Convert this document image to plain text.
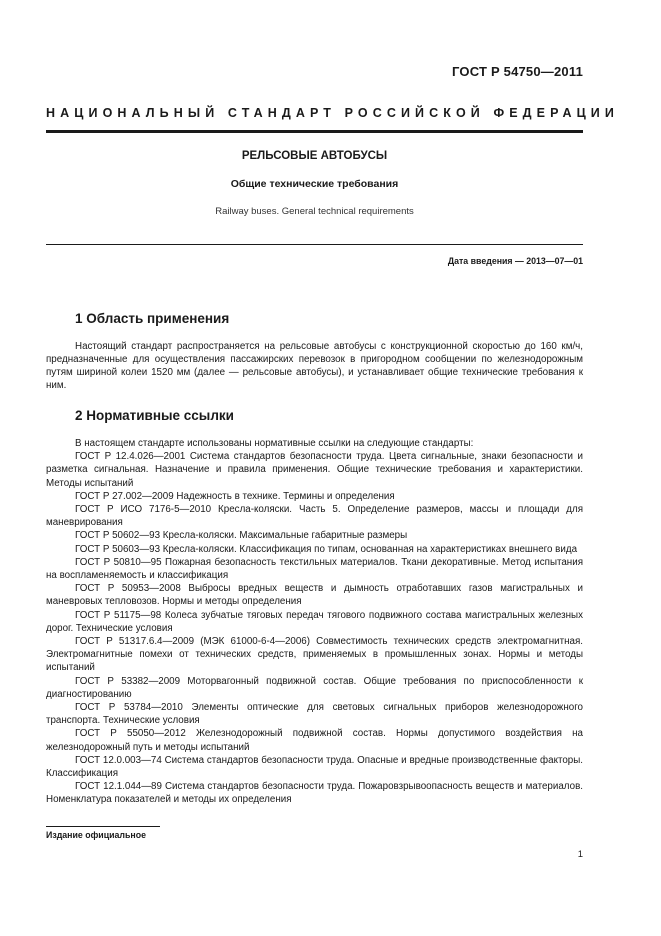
ГОСТ Р 54750—2011
НАЦИОНАЛЬНЫЙ СТАНДАРТ РОССИЙСКОЙ ФЕДЕРАЦИИ
РЕЛЬСОВЫЕ АВТОБУСЫ
Общие технические требования
Railway buses. General technical requirements
Дата введения — 2013—07—01
1 Область применения

Настоящий стандарт распространяется на рельсовые автобусы с конструкционной скоростью до 160 км/ч, предназначенные для осуществления пассажирских перевозок в пригородном сообщении по железнодорожным путям шириной колеи 1520 мм (далее — рельсовые автобусы), и устанавливает общие технические требования к ним.

2 Нормативные ссылки

В настоящем стандарте использованы нормативные ссылки на следующие стандарты:

ГОСТ Р 12.4.026—2001 Система стандартов безопасности труда. Цвета сигнальные, знаки безопасности и разметка сигнальная. Назначение и правила применения. Общие технические требования и характеристики. Методы испытаний

ГОСТ Р 27.002—2009 Надежность в технике. Термины и определения

ГОСТ Р ИСО 7176-5—2010 Кресла-коляски. Часть 5. Определение размеров, массы и площади для маневрирования

ГОСТ Р 50602—93 Кресла-коляски. Максимальные габаритные размеры

ГОСТ Р 50603—93 Кресла-коляски. Классификация по типам, основанная на характеристиках внешнего вида

ГОСТ Р 50810—95 Пожарная безопасность текстильных материалов. Ткани декоративные. Метод испытания на воспламеняемость и классификация

ГОСТ Р 50953—2008 Выбросы вредных веществ и дымность отработавших газов магистральных и маневровых тепловозов. Нормы и методы определения

ГОСТ Р 51175—98 Колеса зубчатые тяговых передач тягового подвижного состава магистральных железных дорог. Технические условия

ГОСТ Р 51317.6.4—2009 (МЭК 61000-6-4—2006) Совместимость технических средств электромагнитная. Электромагнитные помехи от технических средств, применяемых в промышленных зонах. Нормы и методы испытаний

ГОСТ Р 53382—2009 Моторвагонный подвижной состав. Общие требования по приспособленности к диагностированию

ГОСТ Р 53784—2010 Элементы оптические для световых сигнальных приборов железнодорожного транспорта. Технические условия

ГОСТ Р 55050—2012 Железнодорожный подвижной состав. Нормы допустимого воздействия на железнодорожный путь и методы испытаний

ГОСТ 12.0.003—74 Система стандартов безопасности труда. Опасные и вредные производственные факторы. Классификация

ГОСТ 12.1.044—89 Система стандартов безопасности труда. Пожаровзрывоопасность веществ и материалов. Номенклатура показателей и методы их определения

Издание официальное
1
